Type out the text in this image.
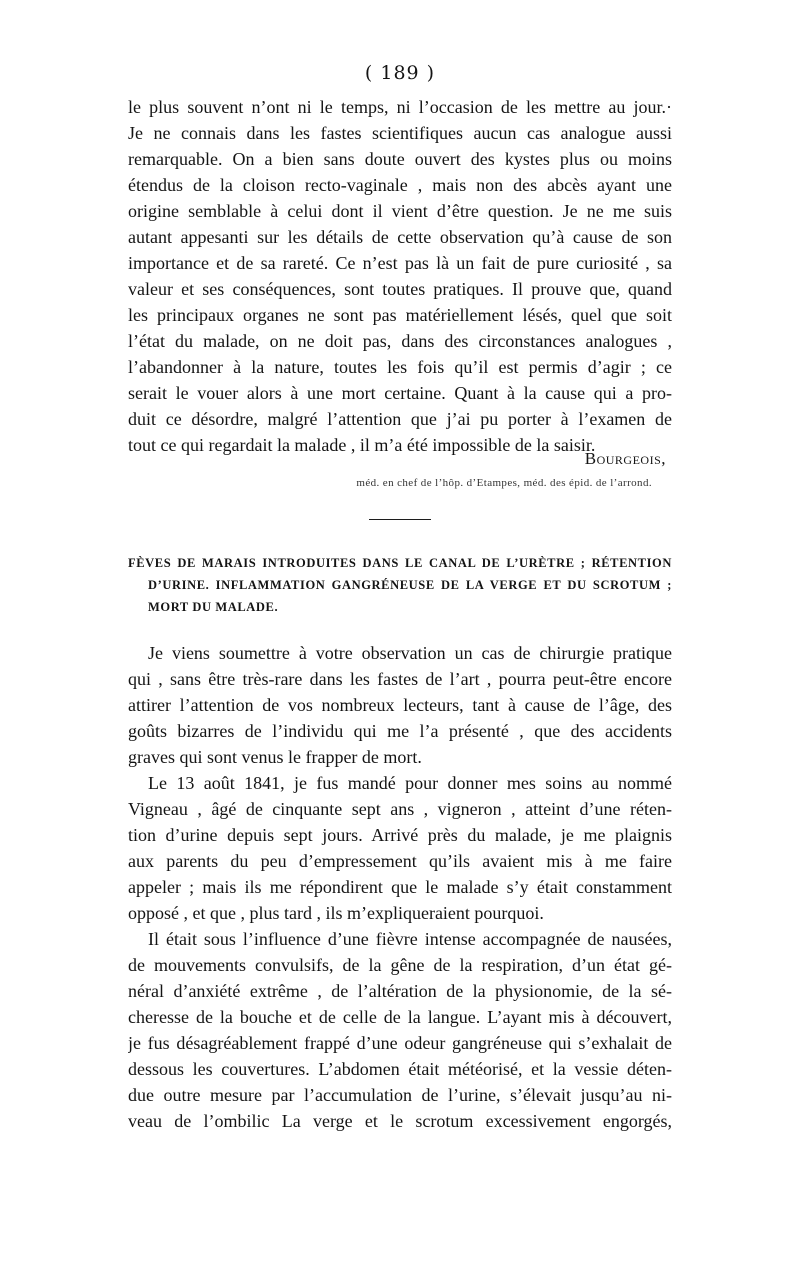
( 189 )

le plus souvent n’ont ni le temps, ni l’occasion de les mettre au jour.·
Je ne connais dans les fastes scientifiques aucun cas analogue aussi
remarquable. On a bien sans doute ouvert des kystes plus ou moins
étendus de la cloison recto-vaginale , mais non des abcès ayant une
origine semblable à celui dont il vient d’être question. Je ne me suis
autant appesanti sur les détails de cette observation qu’à cause de son
importance et de sa rareté. Ce n’est pas là un fait de pure curiosité , sa
valeur et ses conséquences, sont toutes pratiques. Il prouve que, quand
les principaux organes ne sont pas matériellement lésés, quel que soit
l’état du malade, on ne doit pas, dans des circonstances analogues ,
l’abandonner à la nature, toutes les fois qu’il est permis d’agir ; ce
serait le vouer alors à une mort certaine. Quant à la cause qui a pro-
duit ce désordre, malgré l’attention que j’ai pu porter à l’examen de
tout ce qui regardait la malade , il m’a été impossible de la saisir.

Bourgeois,
méd. en chef de l’hôp. d’Etampes, méd. des épid. de l’arrond.
FÈVES DE MARAIS INTRODUITES DANS LE CANAL DE L’URÈTRE ; RÉTENTION
D’URINE. INFLAMMATION GANGRÉNEUSE DE LA VERGE ET DU SCROTUM ;
MORT DU MALADE.

Je viens soumettre à votre observation un cas de chirurgie pratique
qui , sans être très-rare dans les fastes de l’art , pourra peut-être encore
attirer l’attention de vos nombreux lecteurs, tant à cause de l’âge, des
goûts bizarres de l’individu qui me l’a présenté , que des accidents
graves qui sont venus le frapper de mort.

Le 13 août 1841, je fus mandé pour donner mes soins au nommé
Vigneau , âgé de cinquante sept ans , vigneron , atteint d’une réten-
tion d’urine depuis sept jours. Arrivé près du malade, je me plaignis
aux parents du peu d’empressement qu’ils avaient mis à me faire
appeler ; mais ils me répondirent que le malade s’y était constamment
opposé , et que , plus tard , ils m’expliqueraient pourquoi.

Il était sous l’influence d’une fièvre intense accompagnée de nausées,
de mouvements convulsifs, de la gêne de la respiration, d’un état gé-
néral d’anxiété extrême , de l’altération de la physionomie, de la sé-
cheresse de la bouche et de celle de la langue. L’ayant mis à découvert,
je fus désagréablement frappé d’une odeur gangréneuse qui s’exhalait de
dessous les couvertures. L’abdomen était météorisé, et la vessie déten-
due outre mesure par l’accumulation de l’urine, s’élevait jusqu’au ni-
veau de l’ombilic La verge et le scrotum excessivement engorgés,
